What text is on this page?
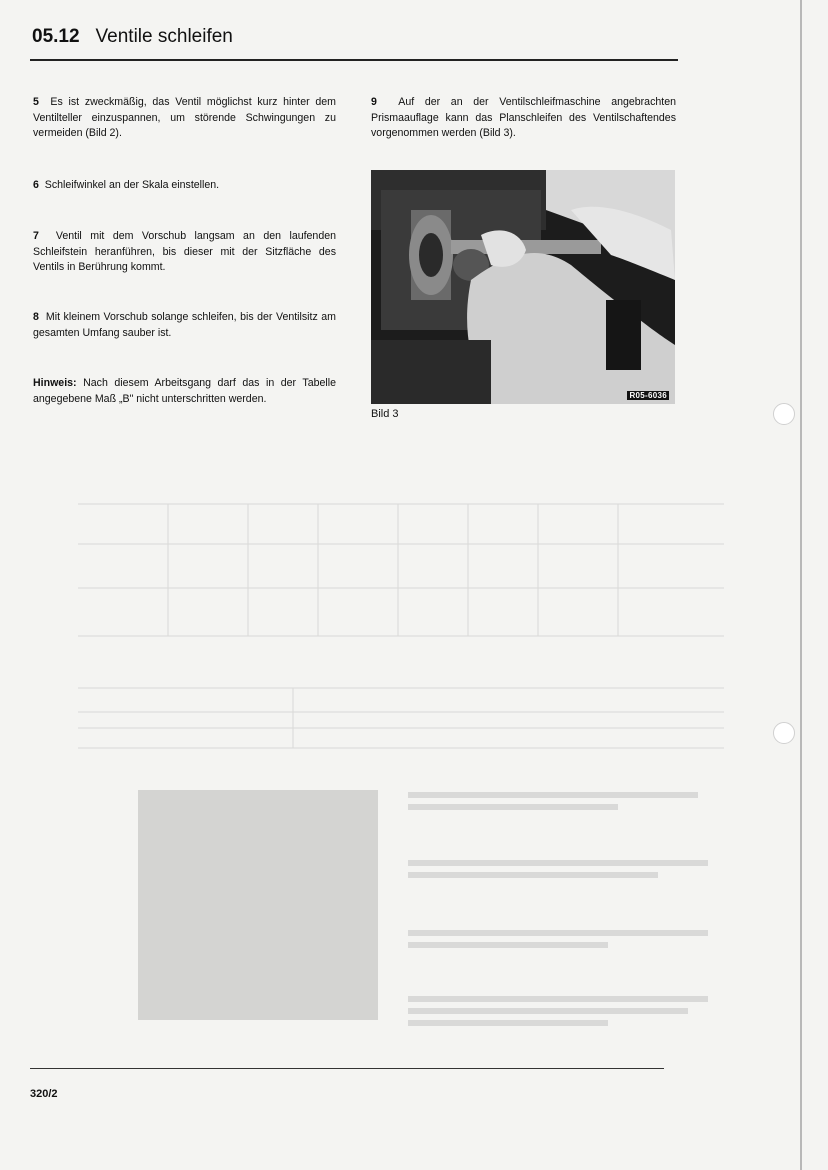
05.12 Ventile schleifen

5 Es ist zweckmäßig, das Ventil möglichst kurz hinter dem Ventilteller einzuspannen, um störende Schwingungen zu vermeiden (Bild 2).

6 Schleifwinkel an der Skala einstellen.

7 Ventil mit dem Vorschub langsam an den laufenden Schleifstein heranführen, bis dieser mit der Sitzfläche des Ventils in Berührung kommt.

8 Mit kleinem Vorschub solange schleifen, bis der Ventilsitz am gesamten Umfang sauber ist.

Hinweis: Nach diesem Arbeitsgang darf das in der Tabelle angegebene Maß „B" nicht unterschritten werden.

9 Auf der an der Ventilschleifmaschine angebrachten Prismaauflage kann das Planschleifen des Ventilschaftendes vorgenommen werden (Bild 3).

R05-6036
Bild 3
320/2
